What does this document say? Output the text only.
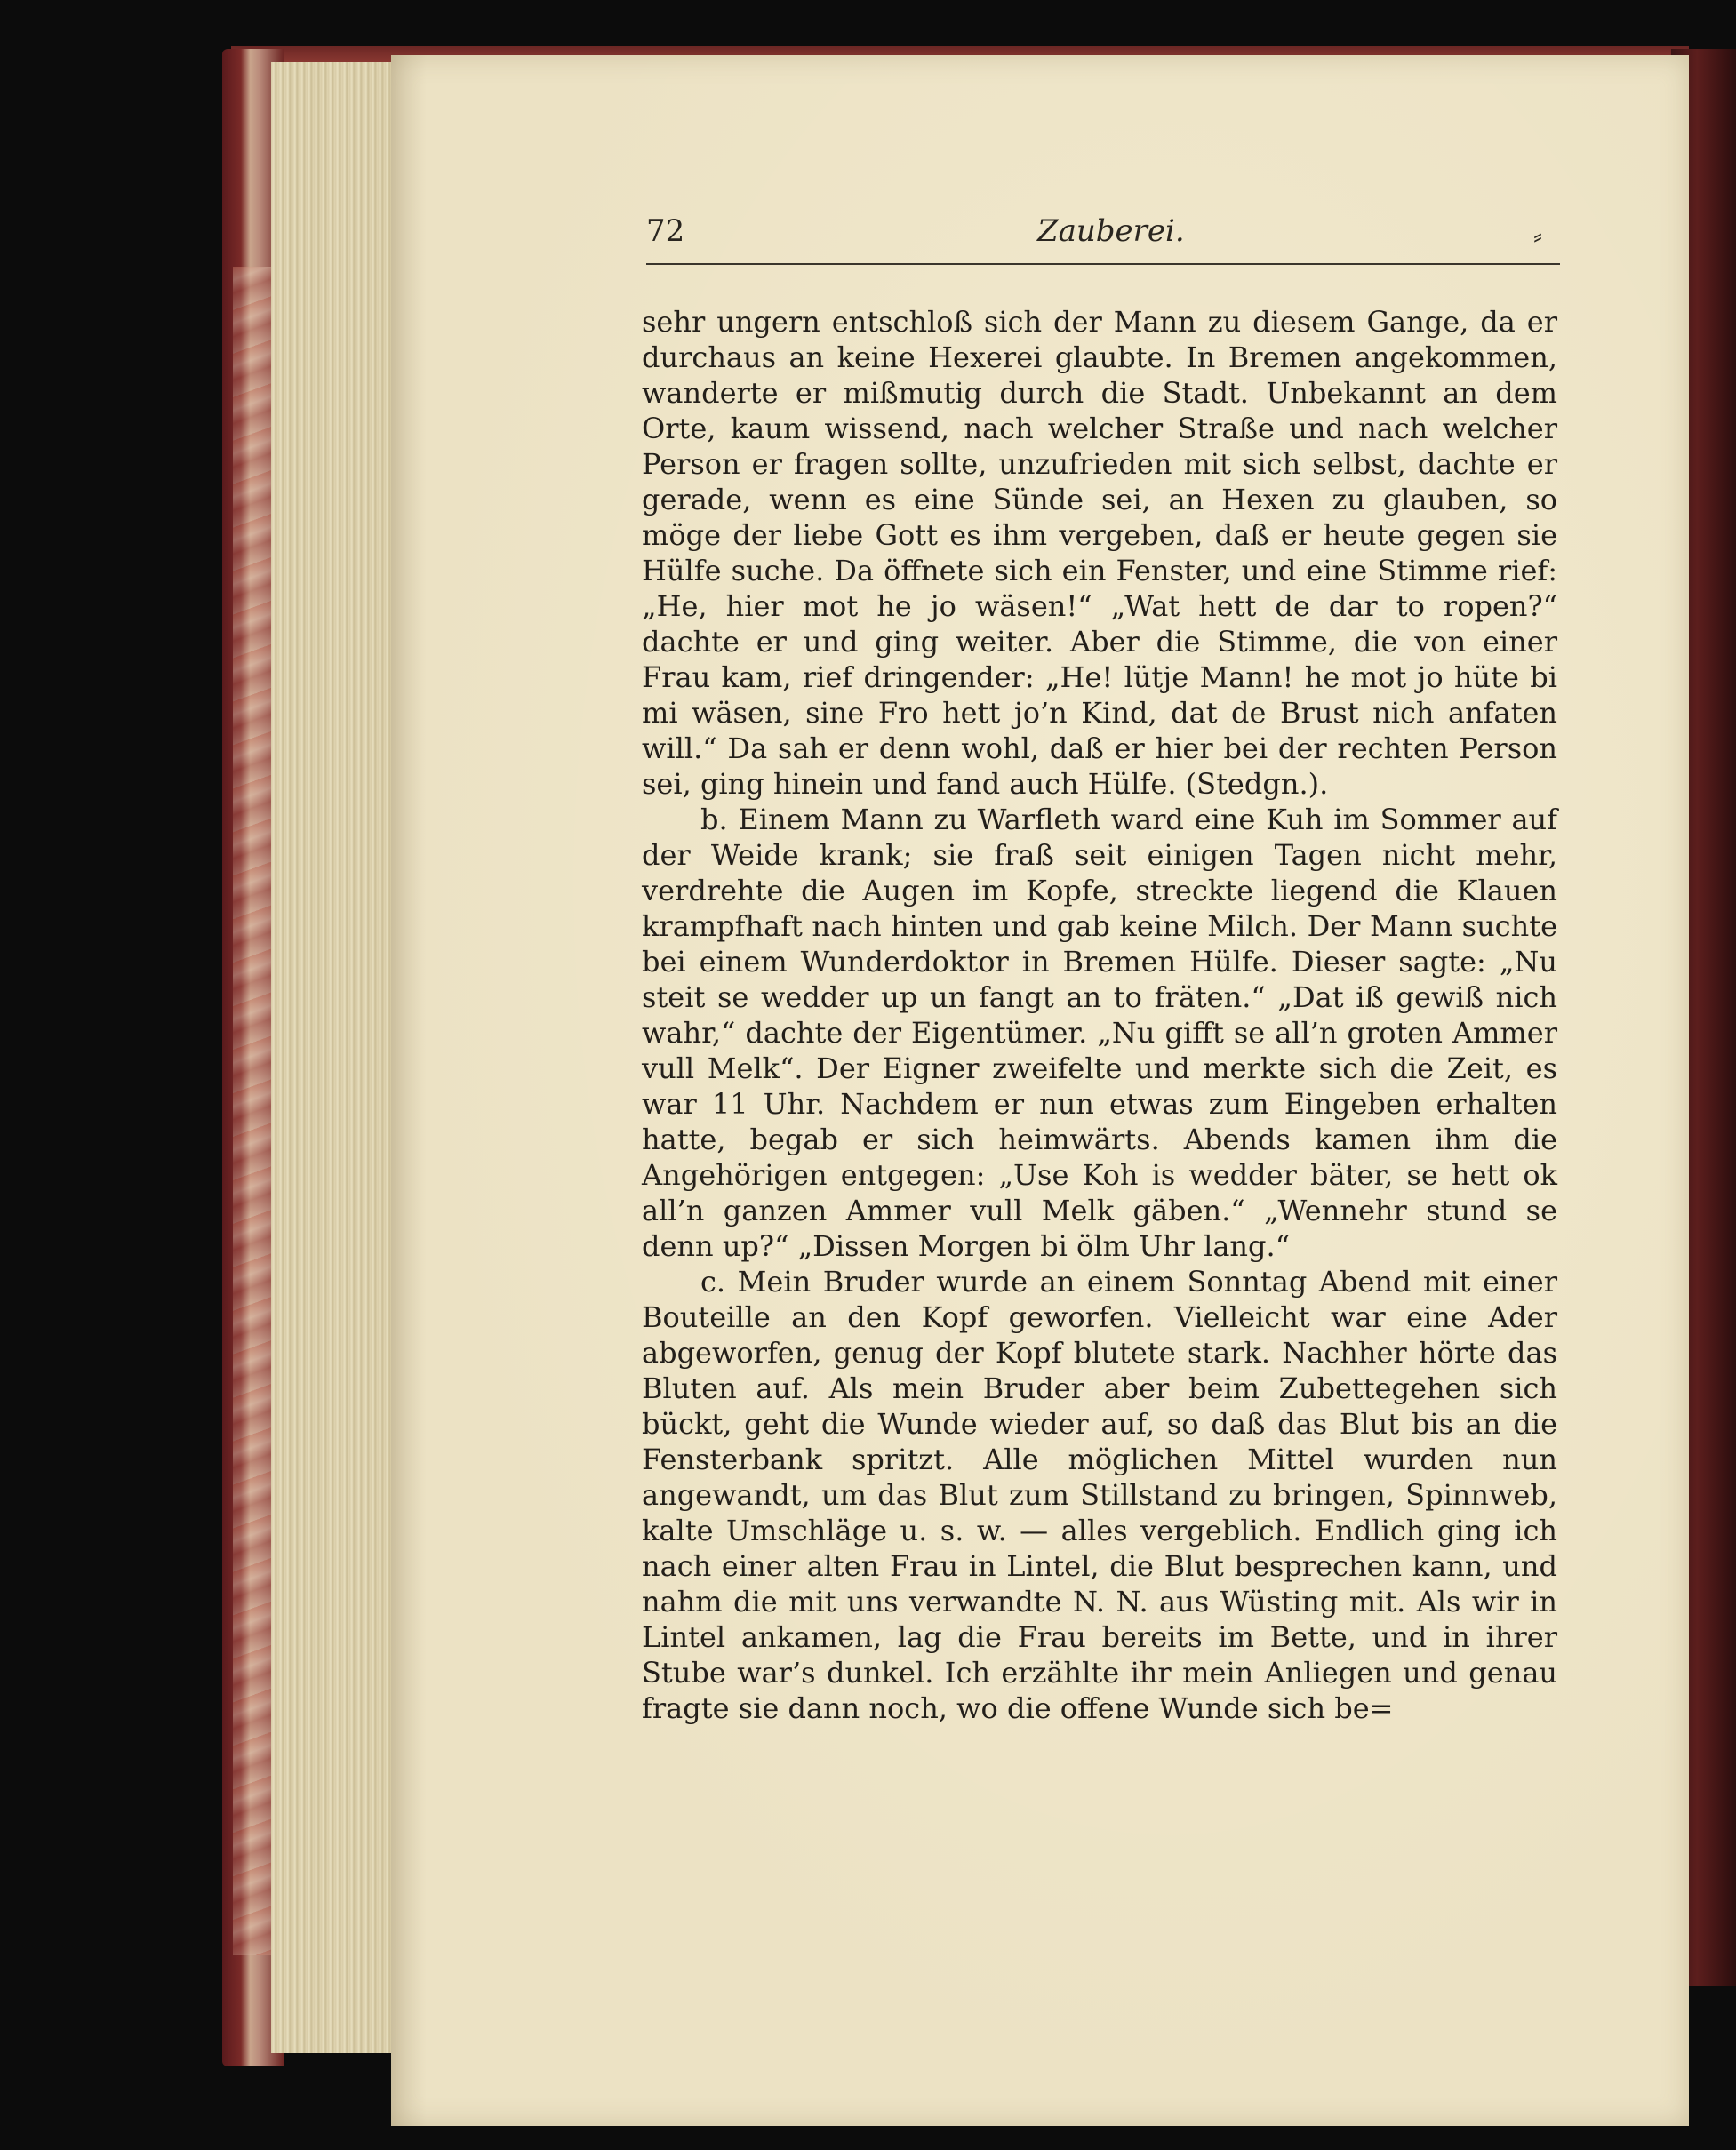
72	Zauberei.	⸗

sehr ungern entschloß sich der Mann zu diesem Gange, da er durchaus an keine Hexerei glaubte. In Bremen angekommen, wanderte er mißmutig durch die Stadt. Unbekannt an dem Orte, kaum wissend, nach welcher Straße und nach welcher Person er fragen sollte, unzufrieden mit sich selbst, dachte er gerade, wenn es eine Sünde sei, an Hexen zu glauben, so möge der liebe Gott es ihm vergeben, daß er heute gegen sie Hülfe suche. Da öffnete sich ein Fenster, und eine Stimme rief: „He, hier mot he jo wäsen!“ „Wat hett de dar to ropen?“ dachte er und ging weiter. Aber die Stimme, die von einer Frau kam, rief dringender: „He! lütje Mann! he mot jo hüte bi mi wäsen, sine Fro hett jo’n Kind, dat de Brust nich anfaten will.“ Da sah er denn wohl, daß er hier bei der rechten Person sei, ging hinein und fand auch Hülfe. (Stedgn.).

b. Einem Mann zu Warfleth ward eine Kuh im Sommer auf der Weide krank; sie fraß seit einigen Tagen nicht mehr, verdrehte die Augen im Kopfe, streckte liegend die Klauen krampfhaft nach hinten und gab keine Milch. Der Mann suchte bei einem Wunderdoktor in Bremen Hülfe. Dieser sagte: „Nu steit se wedder up un fangt an to fräten.“ „Dat iß gewiß nich wahr,“ dachte der Eigentümer. „Nu gifft se all’n groten Ammer vull Melk“. Der Eigner zweifelte und merkte sich die Zeit, es war 11 Uhr. Nachdem er nun etwas zum Eingeben erhalten hatte, begab er sich heimwärts. Abends kamen ihm die Angehörigen entgegen: „Use Koh is wedder bäter, se hett ok all’n ganzen Ammer vull Melk gäben.“ „Wennehr stund se denn up?“ „Dissen Morgen bi ölm Uhr lang.“

c. Mein Bruder wurde an einem Sonntag Abend mit einer Bouteille an den Kopf geworfen. Vielleicht war eine Ader abgeworfen, genug der Kopf blutete stark. Nachher hörte das Bluten auf. Als mein Bruder aber beim Zubettegehen sich bückt, geht die Wunde wieder auf, so daß das Blut bis an die Fensterbank spritzt. Alle möglichen Mittel wurden nun angewandt, um das Blut zum Stillstand zu bringen, Spinnweb, kalte Umschläge u. s. w. — alles vergeblich. Endlich ging ich nach einer alten Frau in Lintel, die Blut besprechen kann, und nahm die mit uns verwandte N. N. aus Wüsting mit. Als wir in Lintel ankamen, lag die Frau bereits im Bette, und in ihrer Stube war’s dunkel. Ich erzählte ihr mein Anliegen und genau fragte sie dann noch, wo die offene Wunde sich be=
